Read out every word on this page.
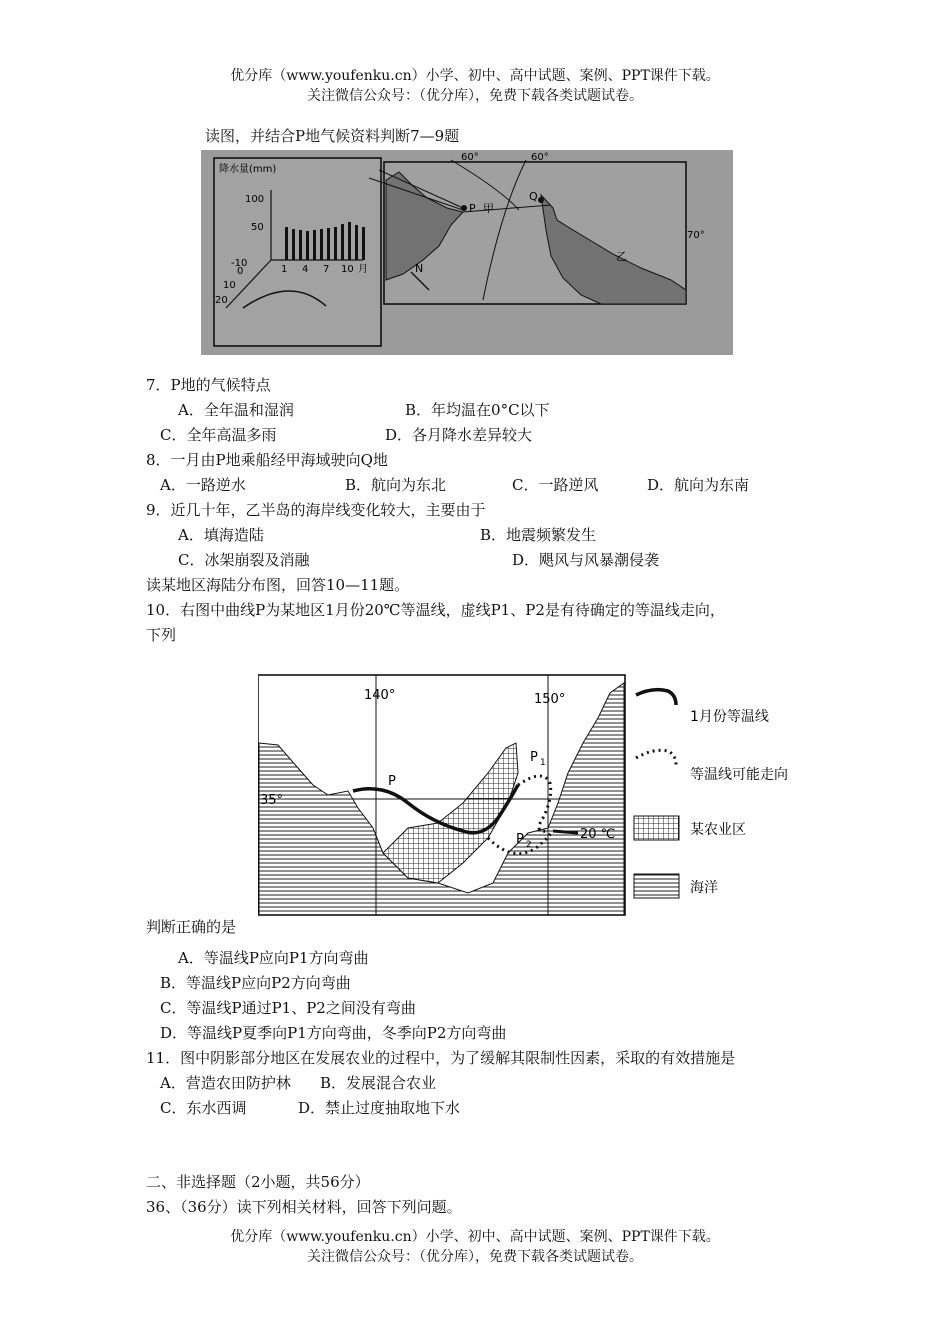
优分库（www.youfenku.cn）小学、初中、高中试题、案例、PPT课件下载。
关注微信公众号：（优分库），免费下载各类试题试卷。
读图，并结合P地气候资料判断7—9题
降水量(mm)
100
50
0
-10
10
20
1 4 7 10 月
60°	60°
70°
P 甲
Q
乙
N
7．P地的气候特点
A．全年温和湿润	B．年均温在0°C以下
C．全年高温多雨	D．各月降水差异较大
8．一月由P地乘船经甲海域驶向Q地
A．一路逆水	B．航向为东北	C．一路逆风	D．航向为东南
9．近几十年，乙半岛的海岸线变化较大，主要由于
A．填海造陆	B．地震频繁发生
C．冰架崩裂及消融	D．飓风与风暴潮侵袭
读某地区海陆分布图，回答10—11题。
10．右图中曲线P为某地区1月份20℃等温线，虚线P1、P2是有待确定的等温线走向，
下列
140°	150°
35°
P
P 1
P 2
20 ℃
1月份等温线
等温线可能走向
某农业区
海洋
判断正确的是
A．等温线P应向P1方向弯曲
B．等温线P应向P2方向弯曲
C．等温线P通过P1、P2之间没有弯曲
D．等温线P夏季向P1方向弯曲，冬季向P2方向弯曲
11．图中阴影部分地区在发展农业的过程中，为了缓解其限制性因素，采取的有效措施是
A．营造农田防护林 B．发展混合农业
C．东水西调	D．禁止过度抽取地下水
二、非选择题（2小题，共56分）
36、（36分）读下列相关材料，回答下列问题。
优分库（www.youfenku.cn）小学、初中、高中试题、案例、PPT课件下载。
关注微信公众号：（优分库），免费下载各类试题试卷。
